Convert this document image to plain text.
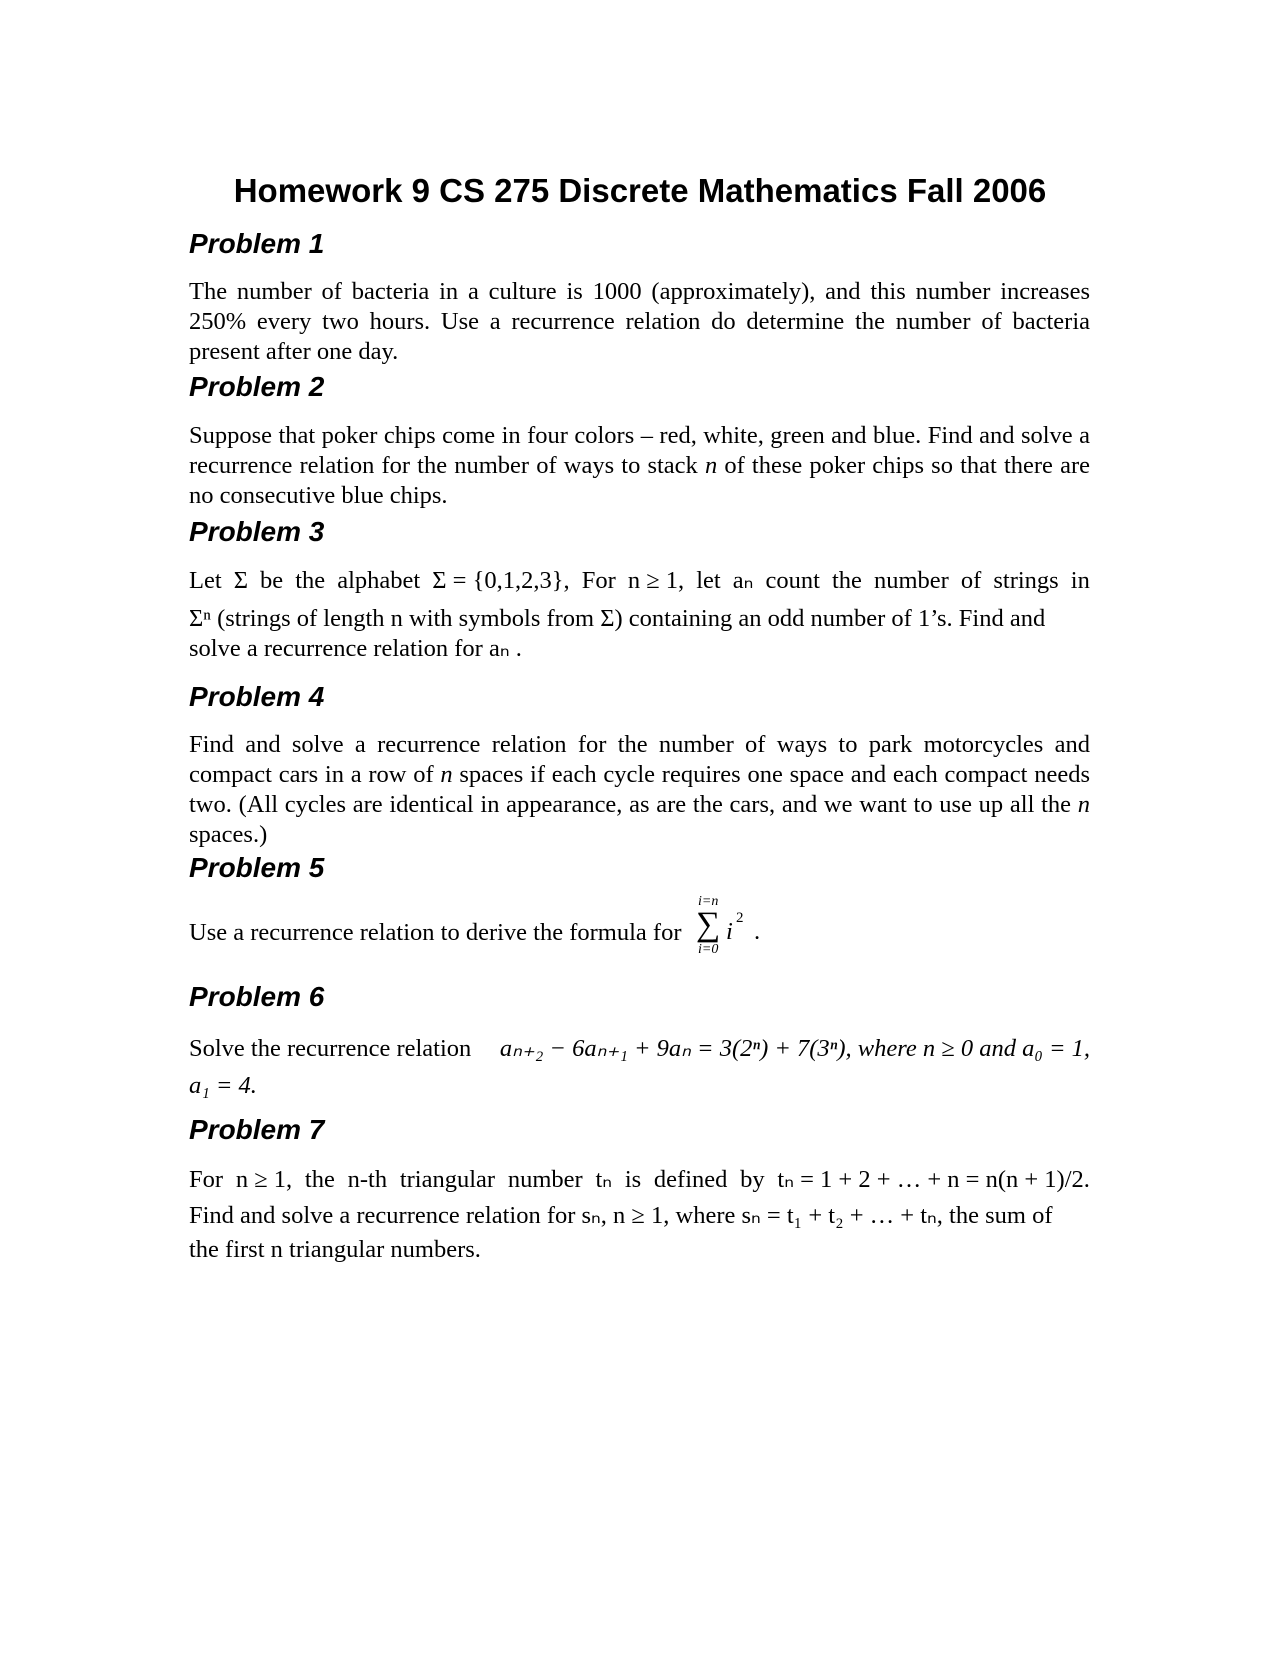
Homework 9 CS 275 Discrete Mathematics Fall 2006
Problem 1

The number of bacteria in a culture is 1000 (approximately), and this number increases 250% every two hours. Use a recurrence relation do determine the number of bacteria present after one day.

Problem 2

Suppose that poker chips come in four colors – red, white, green and blue. Find and solve a recurrence relation for the number of ways to stack n of these poker chips so that there are no consecutive blue chips.

Problem 3
Let Σ be the alphabet Σ = {0,1,2,3}, For n ≥ 1, let aₙ count the number of strings in
Σⁿ (strings of length n with symbols from Σ) containing an odd number of 1’s. Find and
solve a recurrence relation for aₙ .
Problem 4

Find and solve a recurrence relation for the number of ways to park motorcycles and compact cars in a row of n spaces if each cycle requires one space and each compact needs two. (All cycles are identical in appearance, as are the cars, and we want to use up all the n spaces.)

Problem 5
Use a recurrence relation to derive the formula for
i=n
∑
i=0
i 2 .
Problem 6
Solve the recurrence relation aₙ₊₂ − 6aₙ₊₁ + 9aₙ = 3(2ⁿ) + 7(3ⁿ), where n ≥ 0 and a₀ = 1,
a₁ = 4.
Problem 7
For n ≥ 1, the n-th triangular number tₙ is defined by tₙ = 1 + 2 + … + n = n(n + 1)/2.
Find and solve a recurrence relation for sₙ, n ≥ 1, where sₙ = t₁ + t₂ + … + tₙ, the sum of
the first n triangular numbers.
